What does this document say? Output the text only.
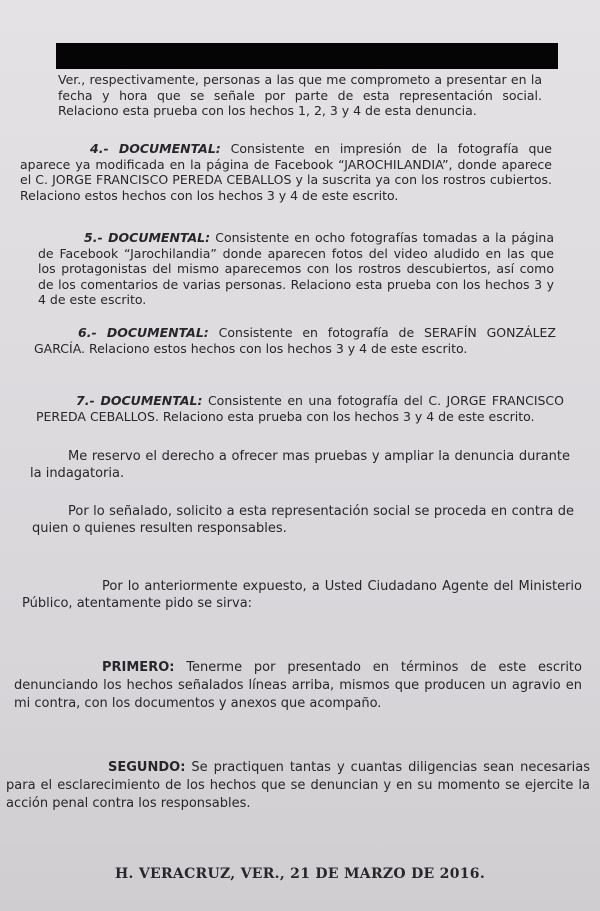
Ver., respectivamente, personas a las que me comprometo a presentar en la fecha y hora que se señale por parte de esta representación social. Relaciono esta prueba con los hechos 1, 2, 3 y 4 de esta denuncia.

4.- DOCUMENTAL: Consistente en impresión de la fotografía que aparece ya modificada en la página de Facebook “JAROCHILANDIA”, donde aparece el C. JORGE FRANCISCO PEREDA CEBALLOS y la suscrita ya con los rostros cubiertos. Relaciono estos hechos con los hechos 3 y 4 de este escrito.

5.- DOCUMENTAL: Consistente en ocho fotografías tomadas a la página de Facebook “Jarochilandia” donde aparecen fotos del video aludido en las que los protagonistas del mismo aparecemos con los rostros descubiertos, así como de los comentarios de varias personas. Relaciono esta prueba con los hechos 3 y 4 de este escrito.

6.- DOCUMENTAL: Consistente en fotografía de SERAFÍN GONZÁLEZ GARCÍA. Relaciono estos hechos con los hechos 3 y 4 de este escrito.

7.- DOCUMENTAL: Consistente en una fotografía del C. JORGE FRANCISCO PEREDA CEBALLOS. Relaciono esta prueba con los hechos 3 y 4 de este escrito.

Me reservo el derecho a ofrecer mas pruebas y ampliar la denuncia durante la indagatoria.

Por lo señalado, solicito a esta representación social se proceda en contra de quien o quienes resulten responsables.

Por lo anteriormente expuesto, a Usted Ciudadano Agente del Ministerio Público, atentamente pido se sirva:

PRIMERO: Tenerme por presentado en términos de este escrito denunciando los hechos señalados líneas arriba, mismos que producen un agravio en mi contra, con los documentos y anexos que acompaño.

SEGUNDO: Se practiquen tantas y cuantas diligencias sean necesarias para el esclarecimiento de los hechos que se denuncian y en su momento se ejercite la acción penal contra los responsables.

H. VERACRUZ, VER., 21 DE MARZO DE 2016.
